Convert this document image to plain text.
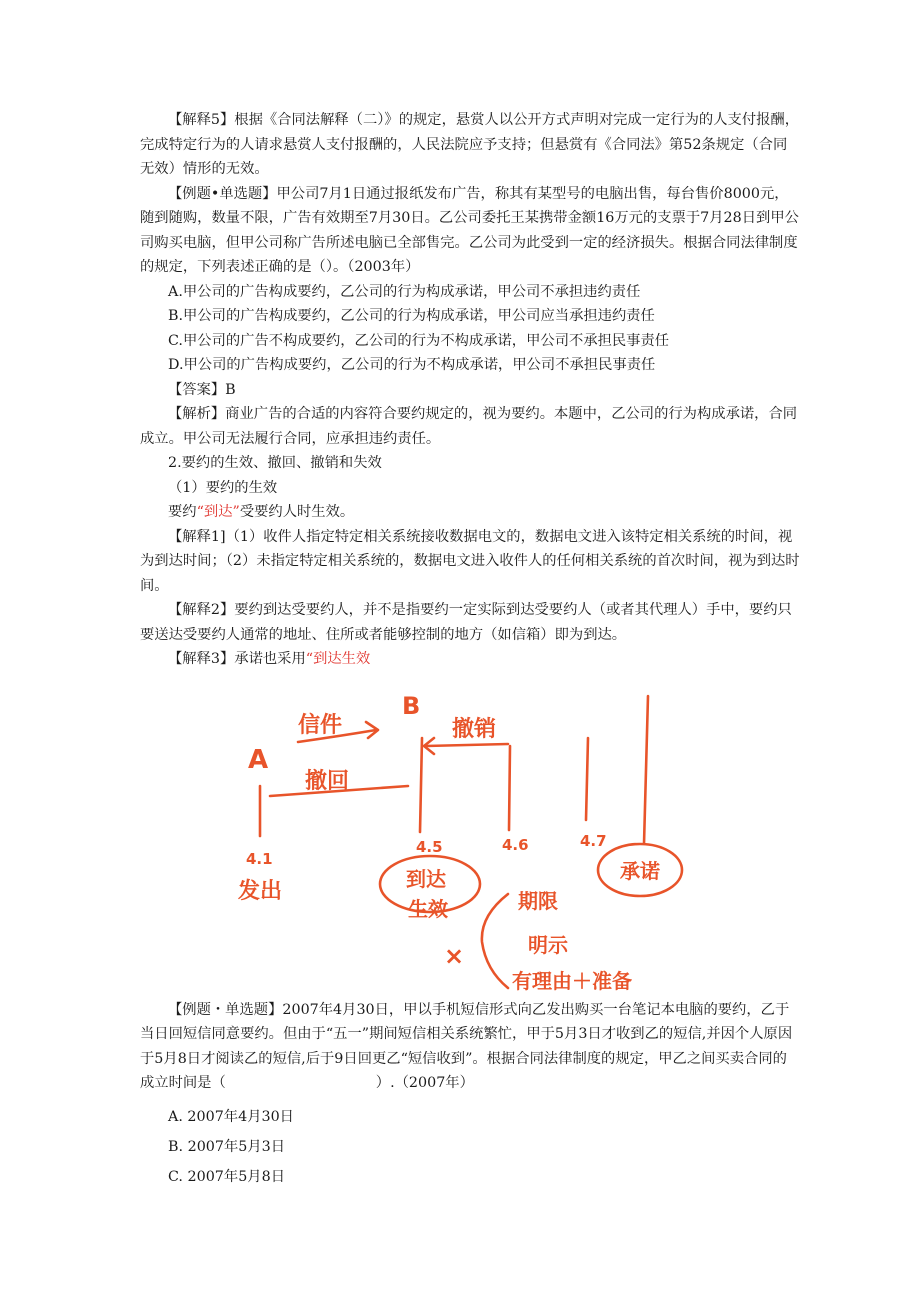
【解释5】根据《合同法解释（二）》的规定，悬赏人以公开方式声明对完成一定行为的人支付报酬，完成特定行为的人请求悬赏人支付报酬的，人民法院应予支持；但悬赏有《合同法》第52条规定（合同无效）情形的无效。

【例题•单选题】甲公司7月1日通过报纸发布广告，称其有某型号的电脑出售，每台售价8000元，随到随购，数量不限，广告有效期至7月30日。乙公司委托王某携带金额16万元的支票于7月28日到甲公司购买电脑，但甲公司称广告所述电脑已全部售完。乙公司为此受到一定的经济损失。根据合同法律制度的规定，下列表述正确的是（）。（2003年）

A.甲公司的广告构成要约，乙公司的行为构成承诺，甲公司不承担违约责任

B.甲公司的广告构成要约，乙公司的行为构成承诺，甲公司应当承担违约责任

C.甲公司的广告不构成要约，乙公司的行为不构成承诺，甲公司不承担民事责任

D.甲公司的广告构成要约，乙公司的行为不构成承诺，甲公司不承担民事责任

【答案】B

【解析】商业广告的合适的内容符合要约规定的，视为要约。本题中，乙公司的行为构成承诺，合同成立。甲公司无法履行合同，应承担违约责任。

2.要约的生效、撤回、撤销和失效

（1）要约的生效

要约“到达”受要约人时生效。

【解释1]（1）收件人指定特定相关系统接收数据电文的，数据电文进入该特定相关系统的时间，视为到达时间；（2）未指定特定相关系统的，数据电文进入收件人的任何相关系统的首次时间，视为到达时间。

【解释2】要约到达受要约人，并不是指要约一定实际到达受要约人（或者其代理人）手中，要约只要送达受要约人通常的地址、住所或者能够控制的地方（如信箱）即为到达。

【解释3】承诺也采用“到达生效

A
B
信件
撤回
撤销
4.1
4.5	4.6	4.7
发出	到达
生效
承诺
×
期限
明示
有理由＋准备

【例题・单选题】2007年4月30日，甲以手机短信形式向乙发出购买一台笔记本电脑的要约，乙于当日回短信同意要约。但由于“五一”期间短信相关系统繁忙，甲于5月3日才收到乙的短信,并因个人原因于5月8日才阅读乙的短信,后于9日回更乙“短信收到”。根据合同法律制度的规定，甲乙之间买卖合同的成立时间是（	）.（2007年）

A. 2007年4月30日

B. 2007年5月3日

C. 2007年5月8日
